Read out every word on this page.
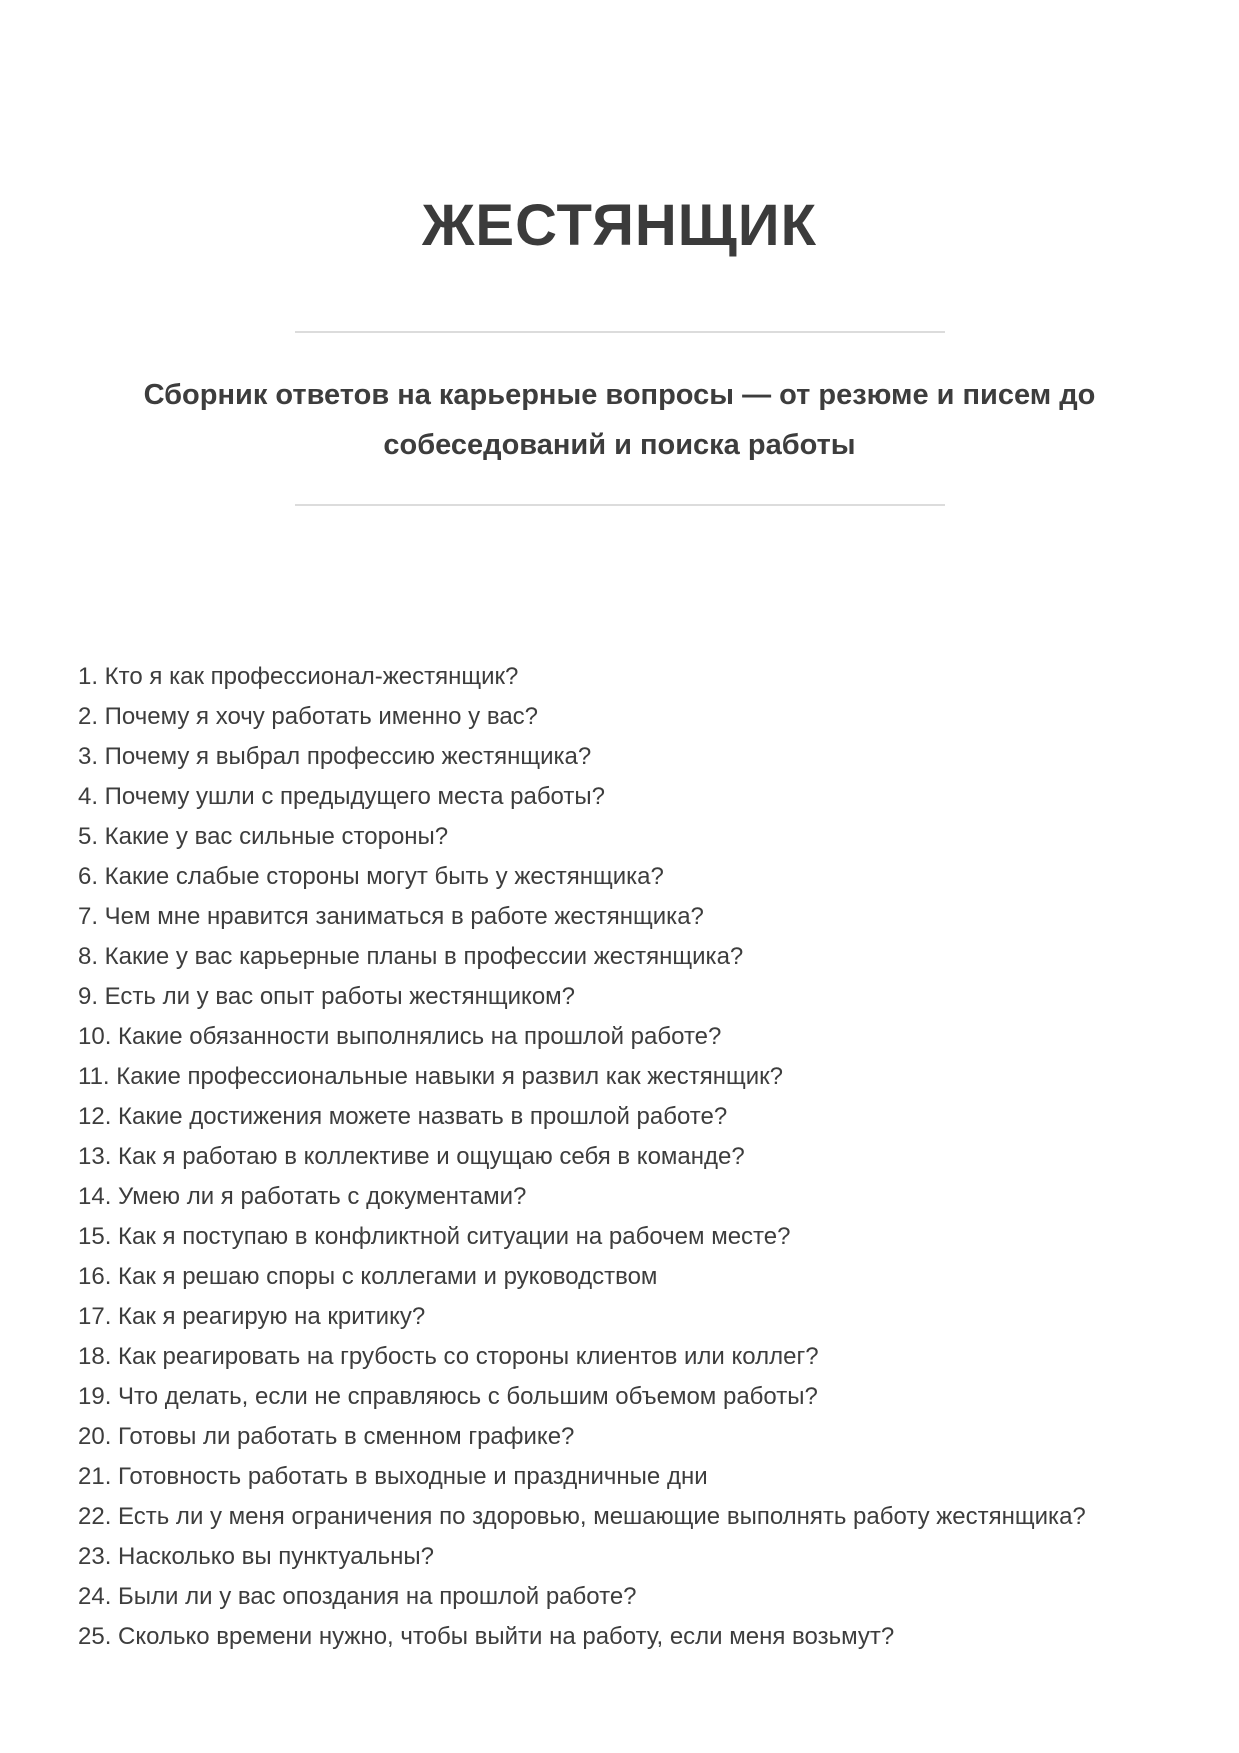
ЖЕСТЯНЩИК
Сборник ответов на карьерные вопросы — от резюме и писем до
собеседований и поиска работы
1. Кто я как профессионал-жестянщик?
2. Почему я хочу работать именно у вас?
3. Почему я выбрал профессию жестянщика?
4. Почему ушли с предыдущего места работы?
5. Какие у вас сильные стороны?
6. Какие слабые стороны могут быть у жестянщика?
7. Чем мне нравится заниматься в работе жестянщика?
8. Какие у вас карьерные планы в профессии жестянщика?
9. Есть ли у вас опыт работы жестянщиком?
10. Какие обязанности выполнялись на прошлой работе?
11. Какие профессиональные навыки я развил как жестянщик?
12. Какие достижения можете назвать в прошлой работе?
13. Как я работаю в коллективе и ощущаю себя в команде?
14. Умею ли я работать с документами?
15. Как я поступаю в конфликтной ситуации на рабочем месте?
16. Как я решаю споры с коллегами и руководством
17. Как я реагирую на критику?
18. Как реагировать на грубость со стороны клиентов или коллег?
19. Что делать, если не справляюсь с большим объемом работы?
20. Готовы ли работать в сменном графике?
21. Готовность работать в выходные и праздничные дни
22. Есть ли у меня ограничения по здоровью, мешающие выполнять работу жестянщика?
23. Насколько вы пунктуальны?
24. Были ли у вас опоздания на прошлой работе?
25. Сколько времени нужно, чтобы выйти на работу, если меня возьмут?
